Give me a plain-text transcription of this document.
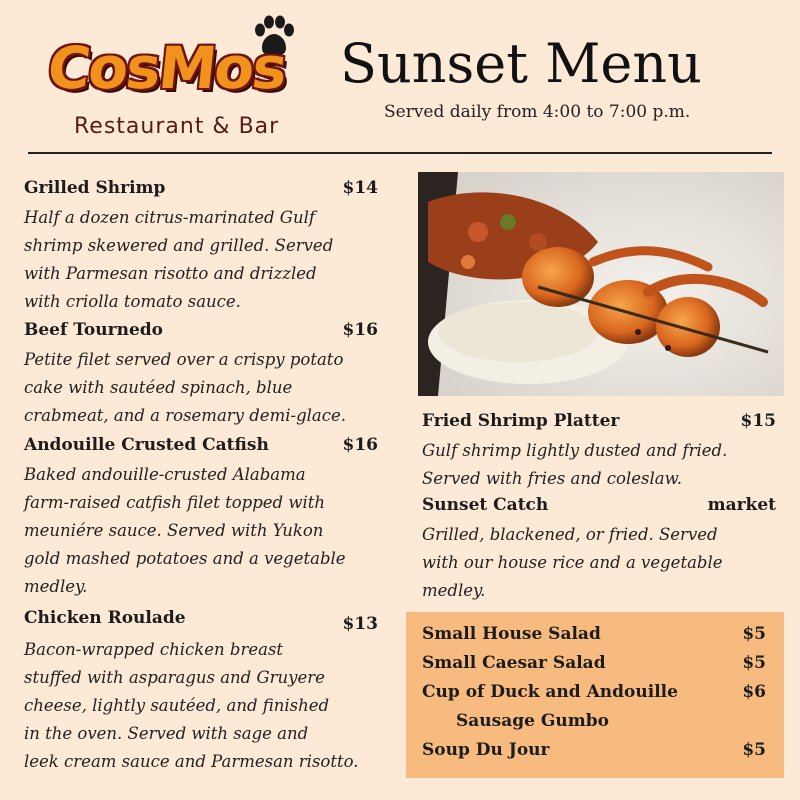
CosMos
Restaurant & Bar
Sunset Menu
Served daily from 4:00 to 7:00 p.m.
Grilled Shrimp	$14
Half a dozen citrus-marinated Gulf
shrimp skewered and grilled. Served
with Parmesan risotto and drizzled
with criolla tomato sauce.
Beef Tournedo	$16
Petite filet served over a crispy potato
cake with sautéed spinach, blue
crabmeat, and a rosemary demi-glace.
Andouille Crusted Catfish	$16
Baked andouille-crusted Alabama
farm-raised catfish filet topped with
meuniére sauce. Served with Yukon
gold mashed potatoes and a vegetable
medley.
Chicken Roulade	$13
Bacon-wrapped chicken breast
stuffed with asparagus and Gruyere
cheese, lightly sautéed, and finished
in the oven. Served with sage and
leek cream sauce and Parmesan risotto.
Fried Shrimp Platter	$15
Gulf shrimp lightly dusted and fried.
Served with fries and coleslaw.
Sunset Catch	market
Grilled, blackened, or fried. Served
with our house rice and a vegetable
medley.
Small House Salad	$5
Small Caesar Salad	$5
Cup of Duck and Andouille	$6
Sausage Gumbo
Soup Du Jour	$5
